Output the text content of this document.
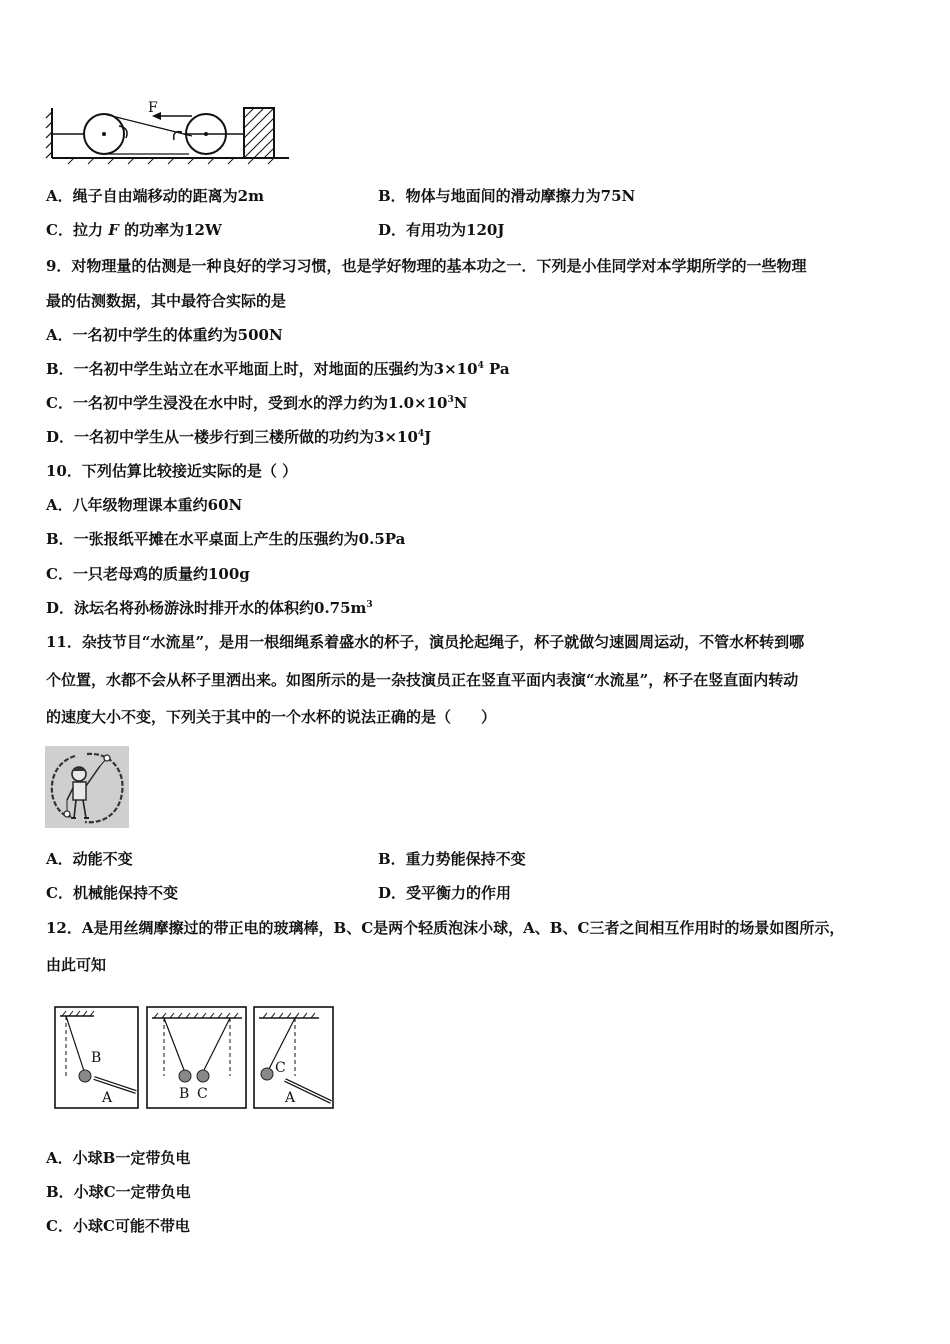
F
A．绳子自由端移动的距离为2m	B．物体与地面间的滑动摩擦力为75N
C．拉力 F 的功率为12W	D．有用功为120J
9．对物理量的估测是一种良好的学习习惯，也是学好物理的基本功之一．下列是小佳同学对本学期所学的一些物理
最的估测数据，其中最符合实际的是
A．一名初中学生的体重约为500N
B．一名初中学生站立在水平地面上时，对地面的压强约为$3\times 10^4$ Pa
C．一名初中学生浸没在水中时，受到水的浮力约为$1.0\times 10^3N$
D．一名初中学生从一楼步行到三楼所做的功约为$3\times 10^4J$
10．下列估算比较接近实际的是（ ）
A．八年级物理课本重约60N
B．一张报纸平摊在水平桌面上产生的压强约为0.5Pa
C．一只老母鸡的质量约100g
D．泳坛名将孙杨游泳时排开水的体积约$0.75m^3$
11．杂技节目“水流星”，是用一根细绳系着盛水的杯子，演员抡起绳子，杯子就做匀速圆周运动，不管水杯转到哪
个位置，水都不会从杯子里洒出来。如图所示的是一杂技演员正在竖直平面内表演“水流星”，杯子在竖直面内转动
的速度大小不变，下列关于其中的一个水杯的说法正确的是（　　）
A．动能不变	B．重力势能保持不变
C．机械能保持不变	D．受平衡力的作用
12．A是用丝绸摩擦过的带正电的玻璃棒，B、C是两个轻质泡沫小球，A、B、C三者之间相互作用时的场景如图所示，
由此可知
B
A	B C
C
A
A．小球B一定带负电
B．小球C一定带负电
C．小球C可能不带电
